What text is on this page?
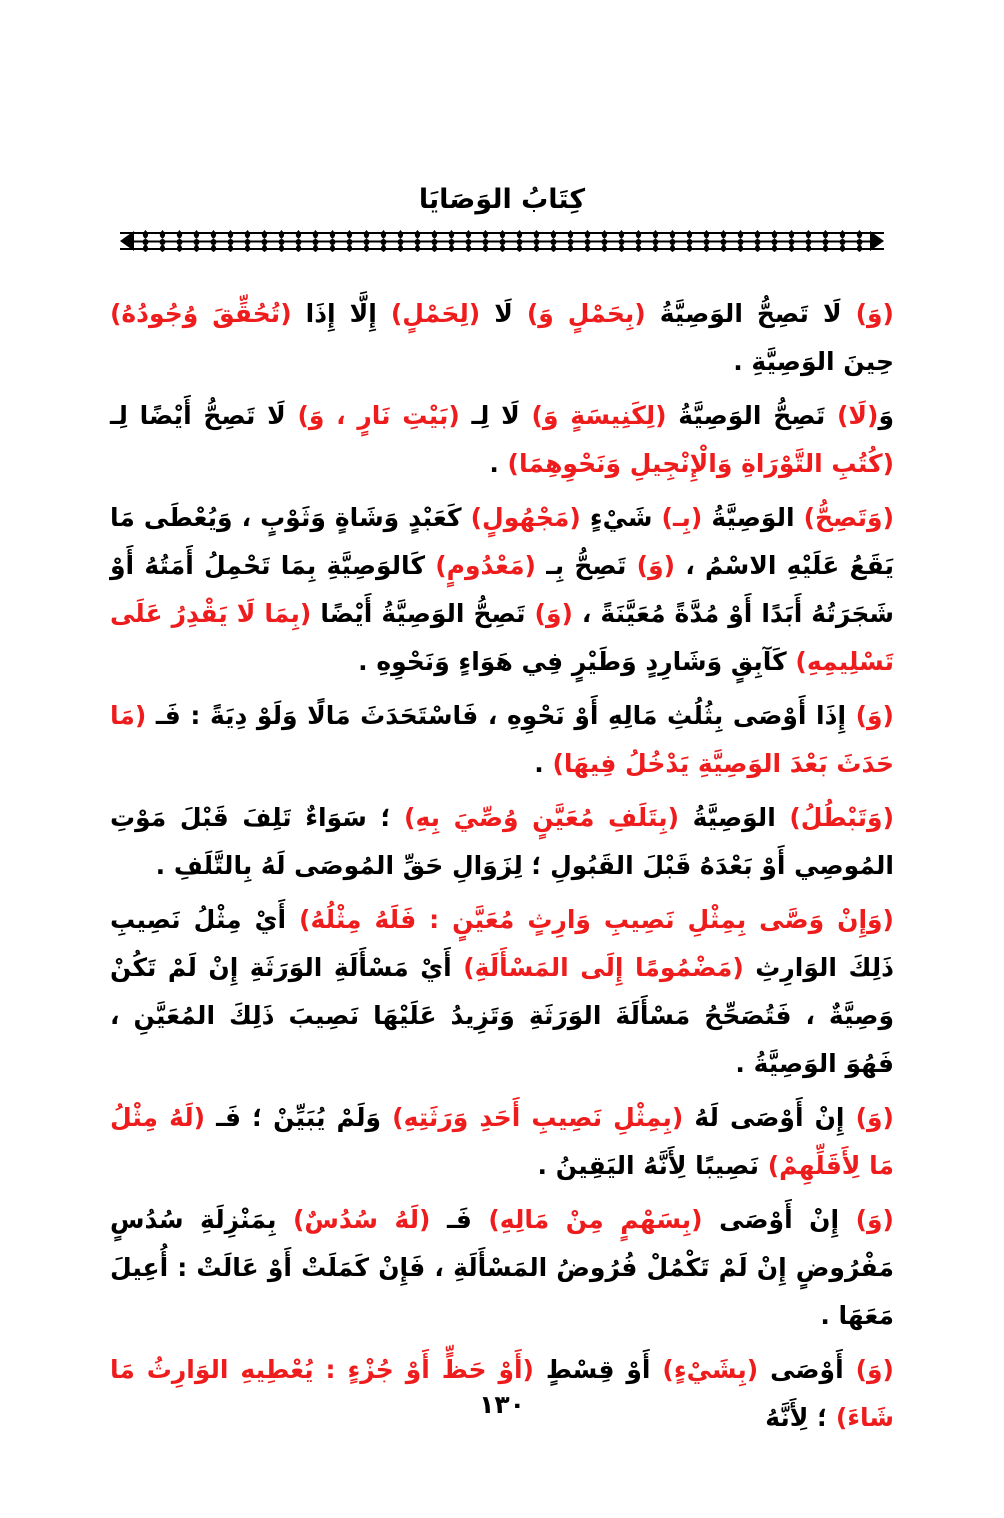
كِتَابُ الوَصَايَا

(وَ) لَا تَصِحُّ الوَصِيَّةُ (بِحَمْلٍ وَ) لَا (لِحَمْلٍ) إِلَّا إِذَا (تُحُقِّقَ وُجُودُهُ) حِينَ الوَصِيَّةِ .

وَ(لَا) تَصِحُّ الوَصِيَّةُ (لِكَنِيسَةٍ وَ) لَا لِـ (بَيْتِ نَارٍ ، وَ) لَا تَصِحُّ أَيْضًا لِـ (كُتُبِ التَّوْرَاةِ وَالْإِنْجِيلِ وَنَحْوِهِمَا) .

(وَتَصِحُّ) الوَصِيَّةُ (بِـ) شَيْءٍ (مَجْهُولٍ) كَعَبْدٍ وَشَاةٍ وَثَوْبٍ ، وَيُعْطَى مَا يَقَعُ عَلَيْهِ الاسْمُ ، (وَ) تَصِحُّ بِـ (مَعْدُومٍ) كَالوَصِيَّةِ بِمَا تَحْمِلُ أَمَتُهُ أَوْ شَجَرَتُهُ أَبَدًا أَوْ مُدَّةً مُعَيَّنَةً ، (وَ) تَصِحُّ الوَصِيَّةُ أَيْضًا (بِمَا لَا يَقْدِرُ عَلَى تَسْلِيمِهِ) كَآبِقٍ وَشَارِدٍ وَطَيْرٍ فِي هَوَاءٍ وَنَحْوِهِ .

(وَ) إِذَا أَوْصَى بِثُلُثِ مَالِهِ أَوْ نَحْوِهِ ، فَاسْتَحَدَثَ مَالًا وَلَوْ دِيَةً : فَـ (مَا حَدَثَ بَعْدَ الوَصِيَّةِ يَدْخُلُ فِيهَا) .

(وَتَبْطُلُ) الوَصِيَّةُ (بِتَلَفِ مُعَيَّنٍ وُصِّيَ بِهِ) ؛ سَوَاءٌ تَلِفَ قَبْلَ مَوْتِ المُوصِي أَوْ بَعْدَهُ قَبْلَ القَبُولِ ؛ لِزَوَالِ حَقِّ المُوصَى لَهُ بِالتَّلَفِ .

(وَإِنْ وَصَّى بِمِثْلِ نَصِيبِ وَارِثٍ مُعَيَّنٍ : فَلَهُ مِثْلُهُ) أَيْ مِثْلُ نَصِيبِ ذَلِكَ الوَارِثِ (مَضْمُومًا إِلَى المَسْأَلَةِ) أَيْ مَسْأَلَةِ الوَرَثَةِ إِنْ لَمْ تَكُنْ وَصِيَّةٌ ، فَتُصَحِّحُ مَسْأَلَةَ الوَرَثَةِ وَتَزِيدُ عَلَيْهَا نَصِيبَ ذَلِكَ المُعَيَّنِ ، فَهُوَ الوَصِيَّةُ .

(وَ) إِنْ أَوْصَى لَهُ (بِمِثْلِ نَصِيبِ أَحَدِ وَرَثَتِهِ) وَلَمْ يُبَيِّنْ ؛ فَـ (لَهُ مِثْلُ مَا لِأَقَلِّهِمْ) نَصِيبًا لِأَنَّهُ اليَقِينُ .

(وَ) إِنْ أَوْصَى (بِسَهْمٍ مِنْ مَالِهِ) فَـ (لَهُ سُدُسٌ) بِمَنْزِلَةِ سُدُسٍ مَفْرُوضٍ إِنْ لَمْ تَكْمُلْ فُرُوضُ المَسْأَلَةِ ، فَإِنْ كَمَلَتْ أَوْ عَالَتْ : أُعِيلَ مَعَهَا .

(وَ) أَوْصَى (بِشَيْءٍ) أَوْ قِسْطٍ (أَوْ حَظٍّ أَوْ جُزْءٍ : يُعْطِيهِ الوَارِثُ مَا شَاءَ) ؛ لِأَنَّهُ

١٣٠
